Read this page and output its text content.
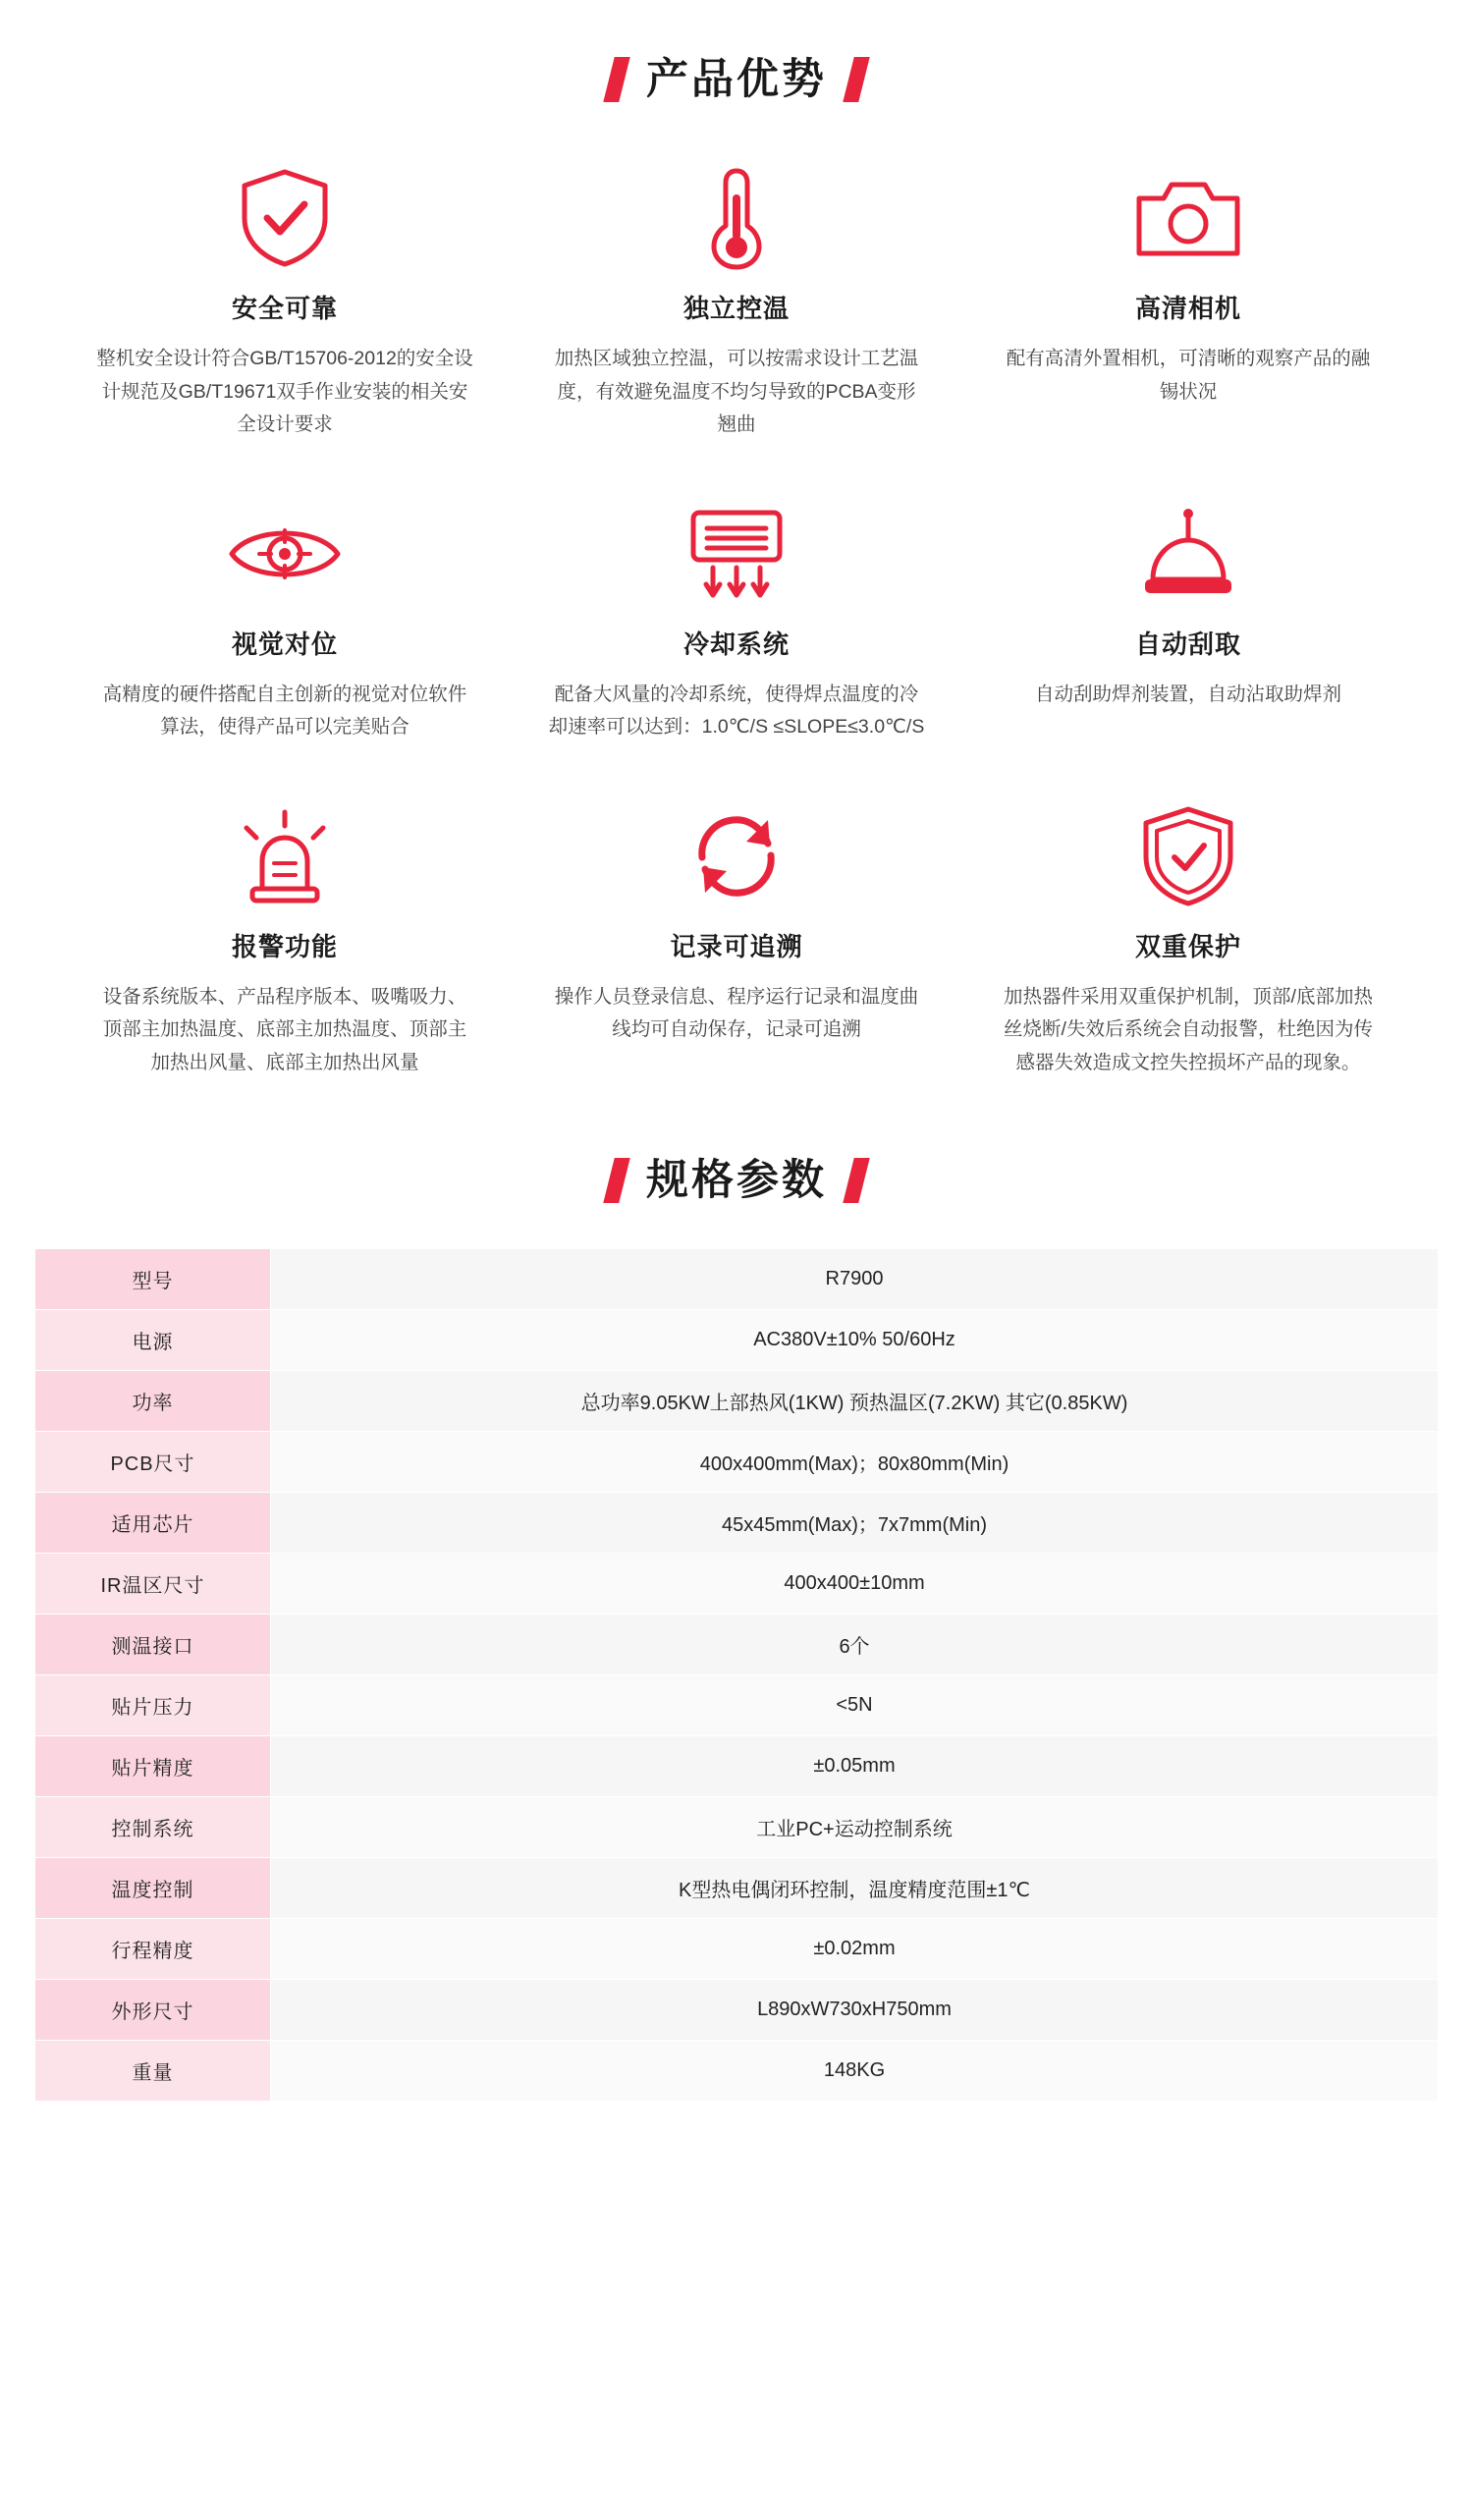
产品优势
安全可靠
整机安全设计符合GB/T15706-2012的安全设计规范及GB/T19671双手作业安装的相关安全设计要求
独立控温
加热区域独立控温，可以按需求设计工艺温度，有效避免温度不均匀导致的PCBA变形翘曲
高清相机
配有高清外置相机，可清晰的观察产品的融锡状况
视觉对位
高精度的硬件搭配自主创新的视觉对位软件算法，使得产品可以完美贴合
冷却系统
配备大风量的冷却系统，使得焊点温度的冷却速率可以达到：1.0℃/S ≤SLOPE≤3.0℃/S
自动刮取
自动刮助焊剂装置，自动沾取助焊剂
报警功能
设备系统版本、产品程序版本、吸嘴吸力、顶部主加热温度、底部主加热温度、顶部主加热出风量、底部主加热出风量
记录可追溯
操作人员登录信息、程序运行记录和温度曲线均可自动保存，记录可追溯
双重保护
加热器件采用双重保护机制，顶部/底部加热丝烧断/失效后系统会自动报警，杜绝因为传感器失效造成文控失控损坏产品的现象。
规格参数
型号	R7900
电源	AC380V±10% 50/60Hz
功率	总功率9.05KW上部热风(1KW) 预热温区(7.2KW) 其它(0.85KW)
PCB尺寸	400x400mm(Max)；80x80mm(Min)
适用芯片	45x45mm(Max)；7x7mm(Min)
IR温区尺寸	400x400±10mm
测温接口	6个
贴片压力	<5N
贴片精度	±0.05mm
控制系统	工业PC+运动控制系统
温度控制	K型热电偶闭环控制，温度精度范围±1℃
行程精度	±0.02mm
外形尺寸	L890xW730xH750mm
重量	148KG
